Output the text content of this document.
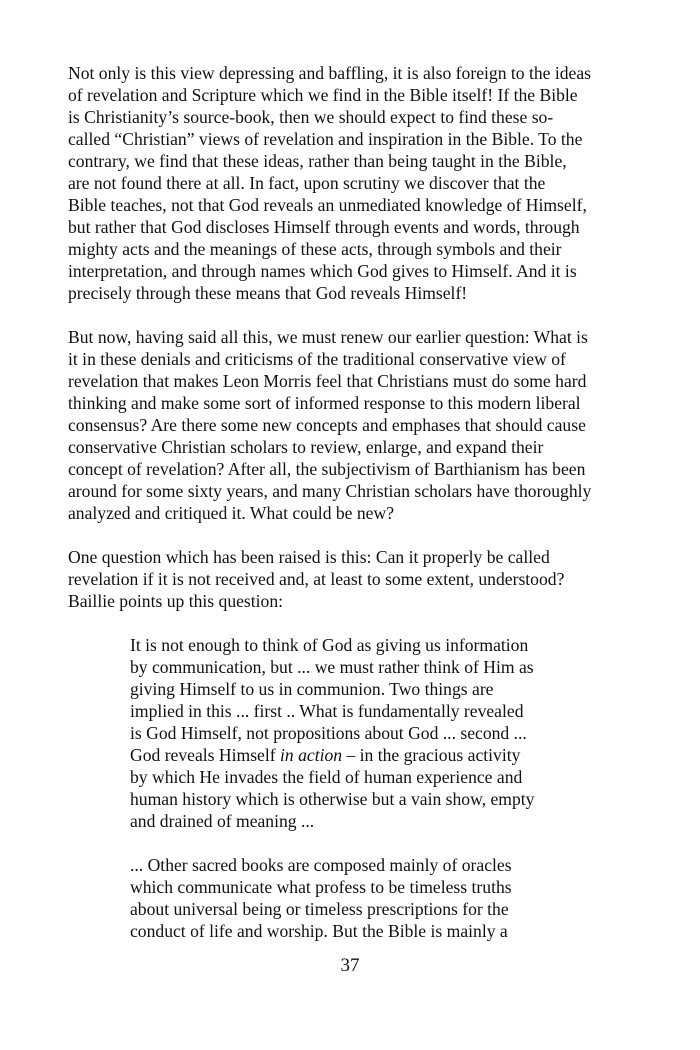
Not only is this view depressing and baffling, it is also foreign to the ideas
of revelation and Scripture which we find in the Bible itself! If the Bible
is Christianity’s source-book, then we should expect to find these so-
called “Christian” views of revelation and inspiration in the Bible. To the
contrary, we find that these ideas, rather than being taught in the Bible,
are not found there at all. In fact, upon scrutiny we discover that the
Bible teaches, not that God reveals an unmediated knowledge of Himself,
but rather that God discloses Himself through events and words, through
mighty acts and the meanings of these acts, through symbols and their
interpretation, and through names which God gives to Himself. And it is
precisely through these means that God reveals Himself!

But now, having said all this, we must renew our earlier question: What is
it in these denials and criticisms of the traditional conservative view of
revelation that makes Leon Morris feel that Christians must do some hard
thinking and make some sort of informed response to this modern liberal
consensus? Are there some new concepts and emphases that should cause
conservative Christian scholars to review, enlarge, and expand their
concept of revelation? After all, the subjectivism of Barthianism has been
around for some sixty years, and many Christian scholars have thoroughly
analyzed and critiqued it. What could be new?

One question which has been raised is this: Can it properly be called
revelation if it is not received and, at least to some extent, understood?
Baillie points up this question:

It is not enough to think of God as giving us information
by communication, but ... we must rather think of Him as
giving Himself to us in communion. Two things are
implied in this ... first .. What is fundamentally revealed
is God Himself, not propositions about God ... second ...
God reveals Himself in action – in the gracious activity
by which He invades the field of human experience and
human history which is otherwise but a vain show, empty
and drained of meaning ...
... Other sacred books are composed mainly of oracles
which communicate what profess to be timeless truths
about universal being or timeless prescriptions for the
conduct of life and worship. But the Bible is mainly a
37
